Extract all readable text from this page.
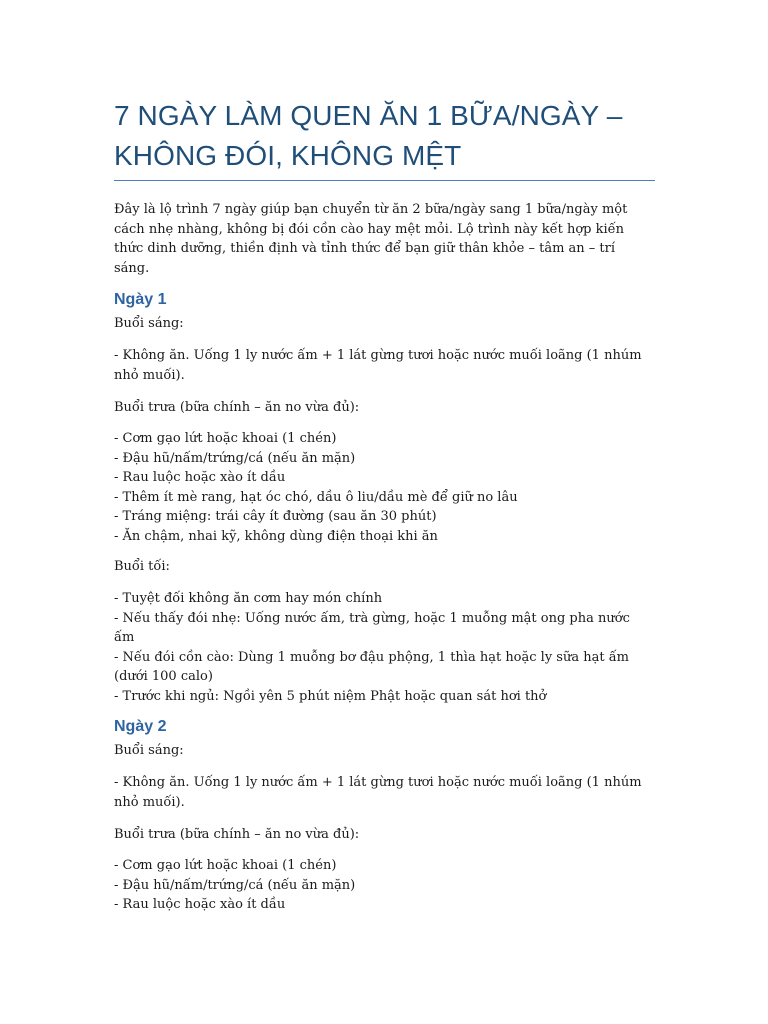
7 NGÀY LÀM QUEN ĂN 1 BỮA/NGÀY – KHÔNG ĐÓI, KHÔNG MỆT

Đây là lộ trình 7 ngày giúp bạn chuyển từ ăn 2 bữa/ngày sang 1 bữa/ngày một cách nhẹ nhàng, không bị đói cồn cào hay mệt mỏi. Lộ trình này kết hợp kiến thức dinh dưỡng, thiền định và tỉnh thức để bạn giữ thân khỏe – tâm an – trí sáng.

Ngày 1

Buổi sáng:

- Không ăn. Uống 1 ly nước ấm + 1 lát gừng tươi hoặc nước muối loãng (1 nhúm nhỏ muối).

Buổi trưa (bữa chính – ăn no vừa đủ):

- Cơm gạo lứt hoặc khoai (1 chén)
- Đậu hũ/nấm/trứng/cá (nếu ăn mặn)
- Rau luộc hoặc xào ít dầu
- Thêm ít mè rang, hạt óc chó, dầu ô liu/dầu mè để giữ no lâu
- Tráng miệng: trái cây ít đường (sau ăn 30 phút)
- Ăn chậm, nhai kỹ, không dùng điện thoại khi ăn

Buổi tối:

- Tuyệt đối không ăn cơm hay món chính
- Nếu thấy đói nhẹ: Uống nước ấm, trà gừng, hoặc 1 muỗng mật ong pha nước ấm
- Nếu đói cồn cào: Dùng 1 muỗng bơ đậu phộng, 1 thìa hạt hoặc ly sữa hạt ấm (dưới 100 calo)
- Trước khi ngủ: Ngồi yên 5 phút niệm Phật hoặc quan sát hơi thở
Ngày 2

Buổi sáng:

- Không ăn. Uống 1 ly nước ấm + 1 lát gừng tươi hoặc nước muối loãng (1 nhúm nhỏ muối).

Buổi trưa (bữa chính – ăn no vừa đủ):

- Cơm gạo lứt hoặc khoai (1 chén)
- Đậu hũ/nấm/trứng/cá (nếu ăn mặn)
- Rau luộc hoặc xào ít dầu
